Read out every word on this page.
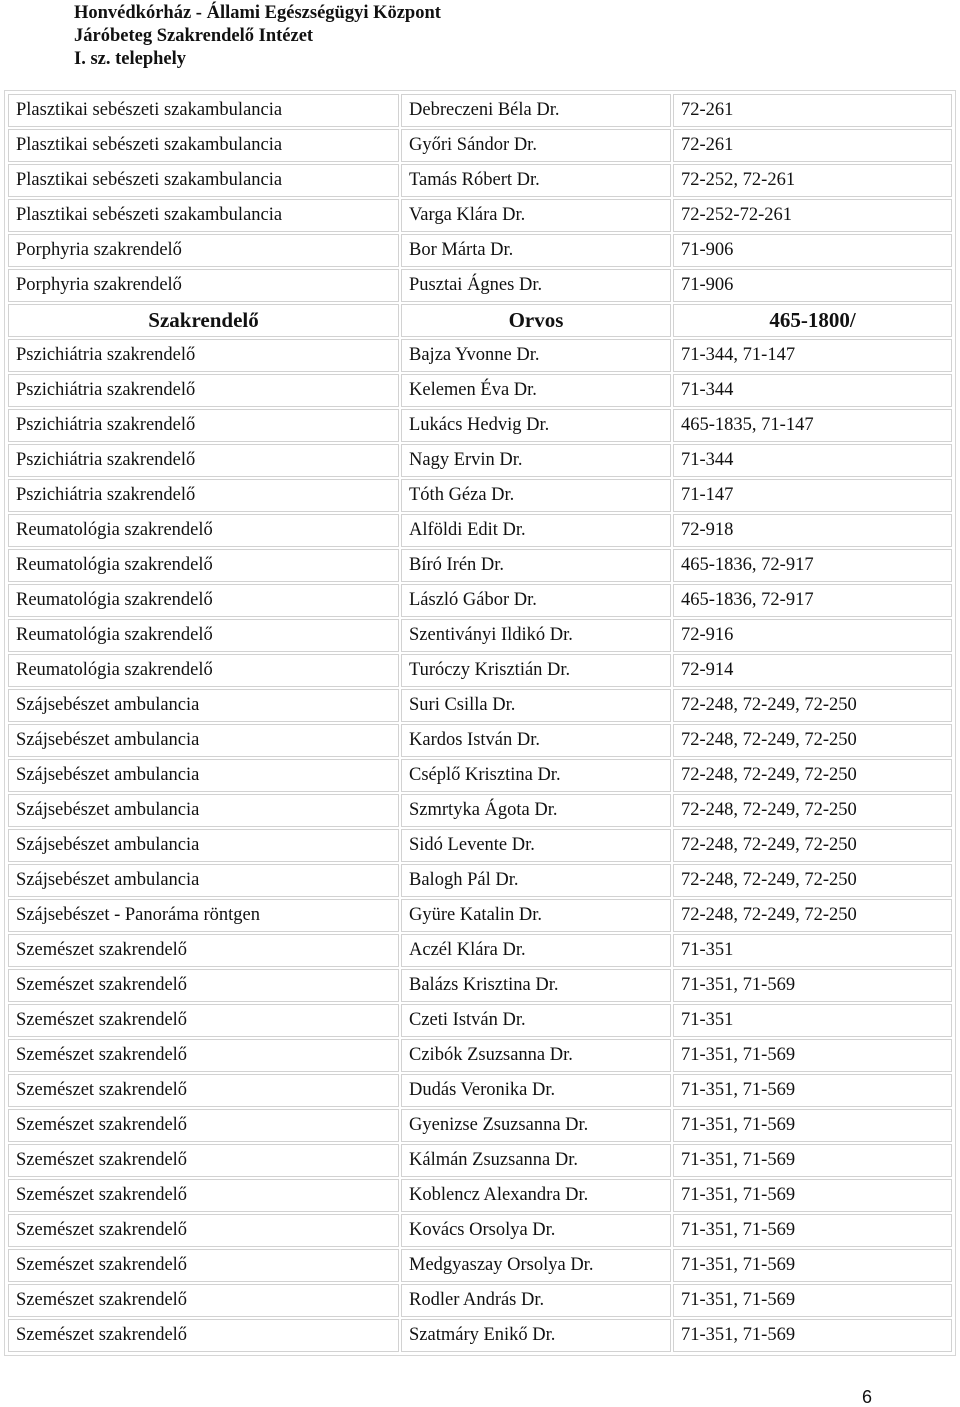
Honvédkórház - Állami Egészségügyi Központ
Járóbeteg Szakrendelő Intézet
I. sz. telephely
Plasztikai sebészeti szakambulancia	Debreczeni Béla Dr.	72-261
Plasztikai sebészeti szakambulancia	Győri Sándor Dr.	72-261
Plasztikai sebészeti szakambulancia	Tamás Róbert Dr.	72-252, 72-261
Plasztikai sebészeti szakambulancia	Varga Klára Dr.	72-252-72-261
Porphyria szakrendelő	Bor Márta Dr.	71-906
Porphyria szakrendelő	Pusztai Ágnes Dr.	71-906
Szakrendelő	Orvos	465-1800/
Pszichiátria szakrendelő	Bajza Yvonne Dr.	71-344, 71-147
Pszichiátria szakrendelő	Kelemen Éva Dr.	71-344
Pszichiátria szakrendelő	Lukács Hedvig Dr.	465-1835, 71-147
Pszichiátria szakrendelő	Nagy Ervin Dr.	71-344
Pszichiátria szakrendelő	Tóth Géza Dr.	71-147
Reumatológia szakrendelő	Alföldi Edit Dr.	72-918
Reumatológia szakrendelő	Bíró Irén Dr.	465-1836, 72-917
Reumatológia szakrendelő	László Gábor Dr.	465-1836, 72-917
Reumatológia szakrendelő	Szentiványi Ildikó Dr.	72-916
Reumatológia szakrendelő	Turóczy Krisztián Dr.	72-914
Szájsebészet ambulancia	Suri Csilla Dr.	72-248, 72-249, 72-250
Szájsebészet ambulancia	Kardos István Dr.	72-248, 72-249, 72-250
Szájsebészet ambulancia	Cséplő Krisztina Dr.	72-248, 72-249, 72-250
Szájsebészet ambulancia	Szmrtyka Ágota Dr.	72-248, 72-249, 72-250
Szájsebészet ambulancia	Sidó Levente Dr.	72-248, 72-249, 72-250
Szájsebészet ambulancia	Balogh Pál Dr.	72-248, 72-249, 72-250
Szájsebészet - Panoráma röntgen	Gyüre Katalin Dr.	72-248, 72-249, 72-250
Szemészet szakrendelő	Aczél Klára Dr.	71-351
Szemészet szakrendelő	Balázs Krisztina Dr.	71-351, 71-569
Szemészet szakrendelő	Czeti István Dr.	71-351
Szemészet szakrendelő	Czibók Zsuzsanna Dr.	71-351, 71-569
Szemészet szakrendelő	Dudás Veronika Dr.	71-351, 71-569
Szemészet szakrendelő	Gyenizse Zsuzsanna Dr.	71-351, 71-569
Szemészet szakrendelő	Kálmán Zsuzsanna Dr.	71-351, 71-569
Szemészet szakrendelő	Koblencz Alexandra Dr.	71-351, 71-569
Szemészet szakrendelő	Kovács Orsolya Dr.	71-351, 71-569
Szemészet szakrendelő	Medgyaszay Orsolya Dr.	71-351, 71-569
Szemészet szakrendelő	Rodler András Dr.	71-351, 71-569
Szemészet szakrendelő	Szatmáry Enikő Dr.	71-351, 71-569
6
